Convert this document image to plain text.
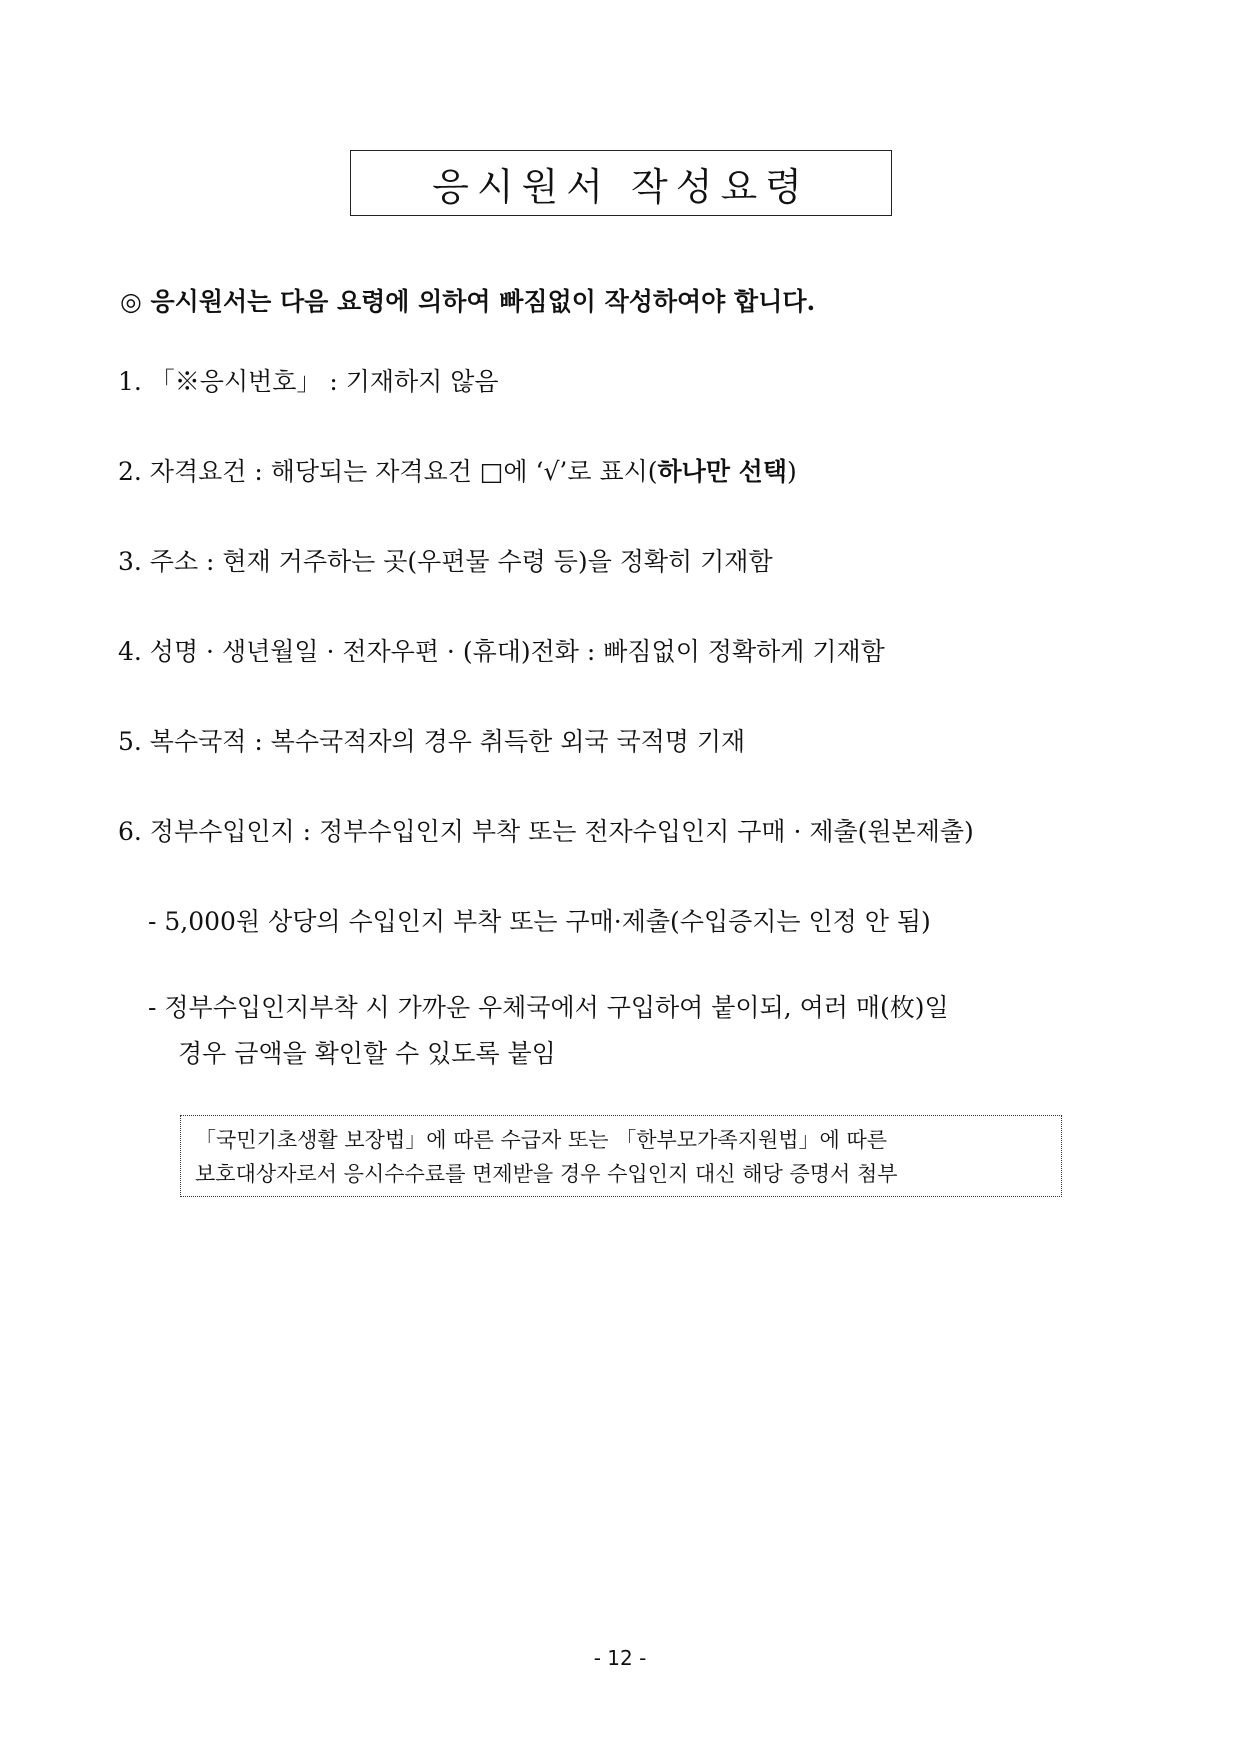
응시원서 작성요령
◎ 응시원서는 다음 요령에 의하여 빠짐없이 작성하여야 합니다.
1. 「※응시번호」 : 기재하지 않음
2. 자격요건 : 해당되는 자격요건 □에 ‘√’로 표시(하나만 선택)
3. 주소 : 현재 거주하는 곳(우편물 수령 등)을 정확히 기재함
4. 성명 · 생년월일 · 전자우편 · (휴대)전화 : 빠짐없이 정확하게 기재함
5. 복수국적 : 복수국적자의 경우 취득한 외국 국적명 기재
6. 정부수입인지 : 정부수입인지 부착 또는 전자수입인지 구매 · 제출(원본제출)
- 5,000원 상당의 수입인지 부착 또는 구매·제출(수입증지는 인정 안 됨)
- 정부수입인지부착 시 가까운 우체국에서 구입하여 붙이되, 여러 매(枚)일
경우 금액을 확인할 수 있도록 붙임
「국민기초생활 보장법」에 따른 수급자 또는 「한부모가족지원법」에 따른
보호대상자로서 응시수수료를 면제받을 경우 수입인지 대신 해당 증명서 첨부
- 12 -
